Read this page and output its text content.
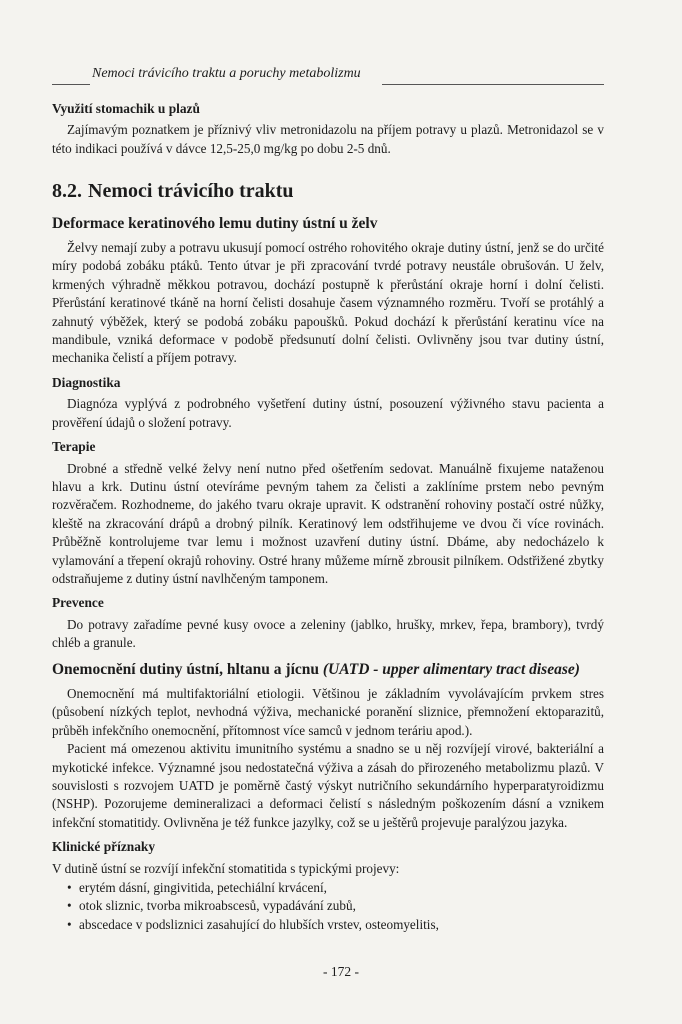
Nemoci trávicího traktu a poruchy metabolizmu
Využití stomachik u plazů

Zajímavým poznatkem je příznivý vliv metronidazolu na příjem potravy u plazů. Metronidazol se v této indikaci používá v dávce 12,5-25,0 mg/kg po dobu 2-5 dnů.

8.2. Nemoci trávicího traktu
Deformace keratinového lemu dutiny ústní u želv

Želvy nemají zuby a potravu ukusují pomocí ostrého rohovitého okraje dutiny ústní, jenž se do určité míry podobá zobáku ptáků. Tento útvar je při zpracování tvrdé potravy neustále obrušován. U želv, krmených výhradně měkkou potravou, dochází postupně k přerůstání okraje horní i dolní čelisti. Přerůstání keratinové tkáně na horní čelisti dosahuje časem významného rozměru. Tvoří se protáhlý a zahnutý výběžek, který se podobá zobáku papoušků. Pokud dochází k přerůstání keratinu více na mandibule, vzniká deformace v podobě předsunutí dolní čelisti. Ovlivněny jsou tvar dutiny ústní, mechanika čelistí a příjem potravy.

Diagnostika

Diagnóza vyplývá z podrobného vyšetření dutiny ústní, posouzení výživného stavu pacienta a prověření údajů o složení potravy.

Terapie

Drobné a středně velké želvy není nutno před ošetřením sedovat. Manuálně fixujeme nataženou hlavu a krk. Dutinu ústní otevíráme pevným tahem za čelisti a zaklíníme prstem nebo pevným rozvěračem. Rozhodneme, do jakého tvaru okraje upravit. K odstranění rohoviny postačí ostré nůžky, kleště na zkracování drápů a drobný pilník. Keratinový lem odstřihujeme ve dvou či více rovinách. Průběžně kontrolujeme tvar lemu i možnost uzavření dutiny ústní. Dbáme, aby nedocházelo k vylamování a třepení okrajů rohoviny. Ostré hrany můžeme mírně zbrousit pilníkem. Odstřižené zbytky odstraňujeme z dutiny ústní navlhčeným tamponem.

Prevence

Do potravy zařadíme pevné kusy ovoce a zeleniny (jablko, hrušky, mrkev, řepa, brambory), tvrdý chléb a granule.

Onemocnění dutiny ústní, hltanu a jícnu (UATD - upper alimentary tract disease)

Onemocnění má multifaktoriální etiologii. Většinou je základním vyvolávajícím prvkem stres (působení nízkých teplot, nevhodná výživa, mechanické poranění sliznice, přemnožení ektoparazitů, průběh infekčního onemocnění, přítomnost více samců v jednom teráriu apod.).

Pacient má omezenou aktivitu imunitního systému a snadno se u něj rozvíjejí virové, bakteriální a mykotické infekce. Významné jsou nedostatečná výživa a zásah do přirozeného metabolizmu plazů. V souvislosti s rozvojem UATD je poměrně častý výskyt nutričního sekundárního hyperparatyroidizmu (NSHP). Pozorujeme demineralizaci a deformaci čelistí s následným poškozením dásní a vznikem infekční stomatitidy. Ovlivněna je též funkce jazylky, což se u ještěrů projevuje paralýzou jazyka.

Klinické příznaky

V dutině ústní se rozvíjí infekční stomatitida s typickými projevy:

• erytém dásní, gingivitida, petechiální krvácení,
• otok sliznic, tvorba mikroabscesů, vypadávání zubů,
• abscedace v podsliznici zasahující do hlubších vrstev, osteomyelitis,
- 172 -
